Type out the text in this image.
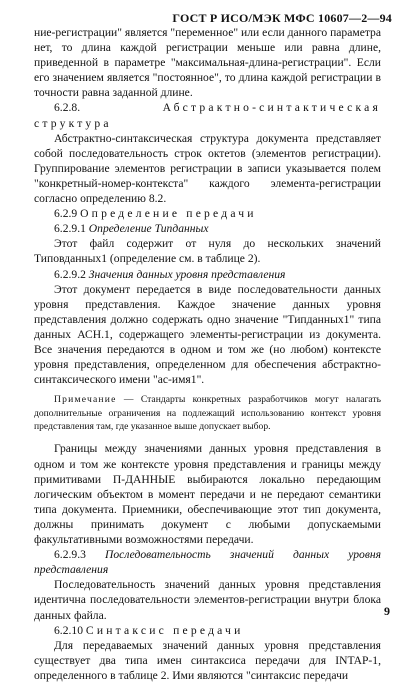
ГОСТ Р ИСО/МЭК МФС 10607—2—94

ние-регистрации" является "переменное" или если данного параметра нет, то длина каждой регистрации меньше или равна длине, приведенной в параметре "максимальная-длина-регистрации". Если его значением является "постоянное", то длина каждой регистрации в точности равна заданной длине.

6.2.8.	Абстрактно-синтактическая структура

Абстрактно-синтаксическая структура документа представляет собой последовательность строк октетов (элементов регистрации). Группирование элементов регистрации в записи указывается полем "конкретный-номер-контекста" каждого элемента-регистрации согласно определению 8.2.

6.2.9 Определение передачи

6.2.9.1 Определение Типданных

Этот файл содержит от нуля до нескольких значений Типовданных1 (определение см. в таблице 2).

6.2.9.2 Значения данных уровня представления

Этот документ передается в виде последовательности данных уровня представления. Каждое значение данных уровня представления должно содержать одно значение "Типданных1" типа данных АСН.1, содержащего элементы-регистрации из документа. Все значения передаются в одном и том же (но любом) контексте уровня представления, определенном для обеспечения абстрактно-синтаксического имени "ас-имя1".

Примечание — Стандарты конкретных разработчиков могут налагать дополнительные ограничения на подлежащий использованию контекст уровня представления там, где указанное выше допускает выбор.

Границы между значениями данных уровня представления в одном и том же контексте уровня представления и границы между примитивами П-ДАННЫЕ выбираются локально передающим логическим объектом в момент передачи и не передают семантики типа документа. Приемники, обеспечивающие этот тип документа, должны принимать документ с любыми допускаемыми факультативными возможностями передачи.

6.2.9.3 Последовательность значений данных уровня представления

Последовательность значений данных уровня представления идентична последовательности элементов-регистрации внутри блока данных файла.

6.2.10 Синтаксис передачи

Для передаваемых значений данных уровня представления существует два типа имен синтаксиса передачи для INTAP-1, определенного в таблице 2. Ими являются "синтаксис передачи

9
